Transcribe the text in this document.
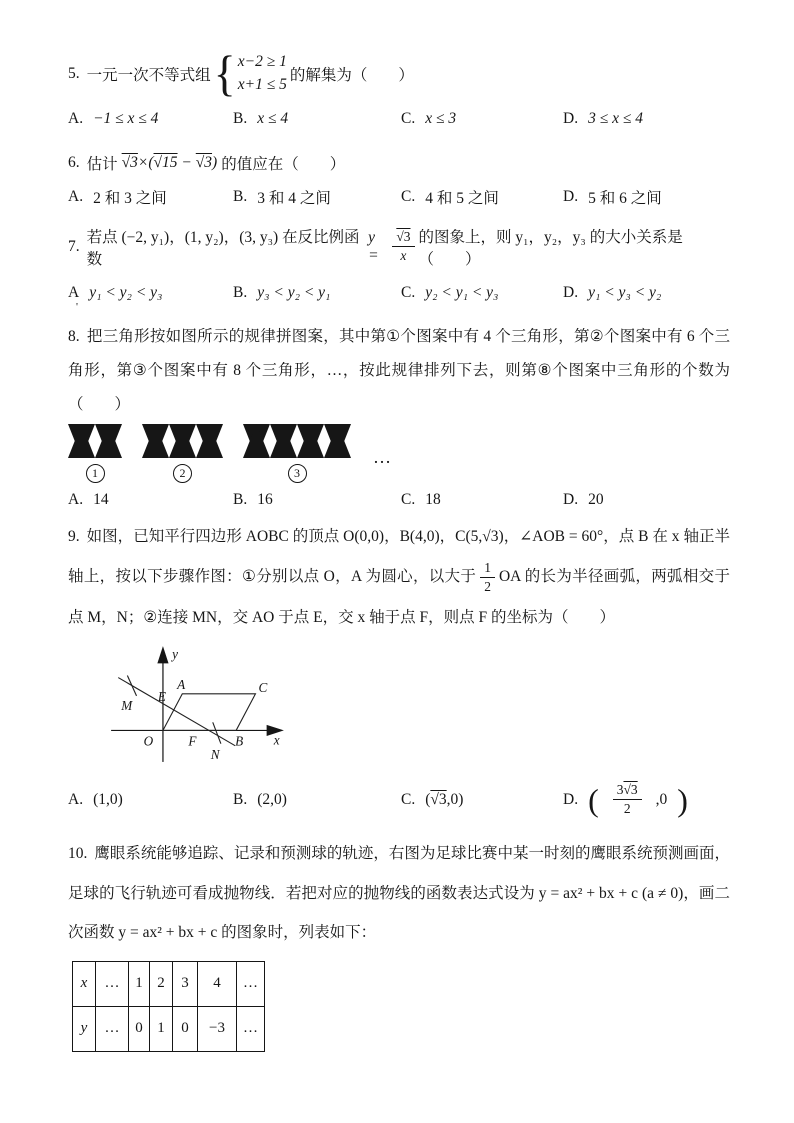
5. 一元一次不等式组 { x−2 ≥ 1
x+1 ≤ 5
的解集为（　　）
A. −1 ≤ x ≤ 4	B. x ≤ 4	C. x ≤ 3	D. 3 ≤ x ≤ 4
6. 估计 √3×(√15 − √3) 的值应在（　　）
A. 2 和 3 之间	B. 3 和 4 之间	C. 4 和 5 之间	D. 5 和 6 之间
7.
若点 (−2, y₁)，(1, y₂)，(3, y₃) 在反比例函数
y =	$\frac{√3}{x}$ 的图象上，则 y₁，y₂，y₃ 的大小关系是（　　）
A y₁ < y₂ < y₃	B. y₃ < y₂ < y₁	C. y₂ < y₁ < y₃	D. y₁ < y₃ < y₂
'

8. 把三角形按如图所示的规律拼图案，其中第①个图案中有 4 个三角形，第②个图案中有 6 个三角形，第③个图案中有 8 个三角形，…，按此规律排列下去，则第⑧个图案中三角形的个数为（　　）

1	2	3
…
A. 14	B. 16	C. 18	D. 20

9. 如图，已知平行四边形 AOBC 的顶点 O(0,0)，B(4,0)，C(5,√3)，∠AOB = 60°，点 B 在 x 轴正半轴上，按以下步骤作图：①分别以点 O，A 为圆心，以大于 $\frac{1}{2}$ OA 的长为半径画弧，两弧相交于点 M，N；②连接 MN，交 AO 于点 E，交 x 轴于点 F，则点 F 的坐标为（　　）

y
x
O
A
E
C
M
F	B
N
A. (1,0)	B. (2,0)	C. (√3,0)	D. ( $\frac{3√3}{2} ,0$ )

10. 鹰眼系统能够追踪、记录和预测球的轨迹，右图为足球比赛中某一时刻的鹰眼系统预测画面，足球的飞行轨迹可看成抛物线．若把对应的抛物线的函数表达式设为 y = ax² + bx + c (a ≠ 0)，画二次函数 y = ax² + bx + c 的图象时，列表如下：

x	…	1	2	3	4	…
y	…	0	1	0	−3	…
